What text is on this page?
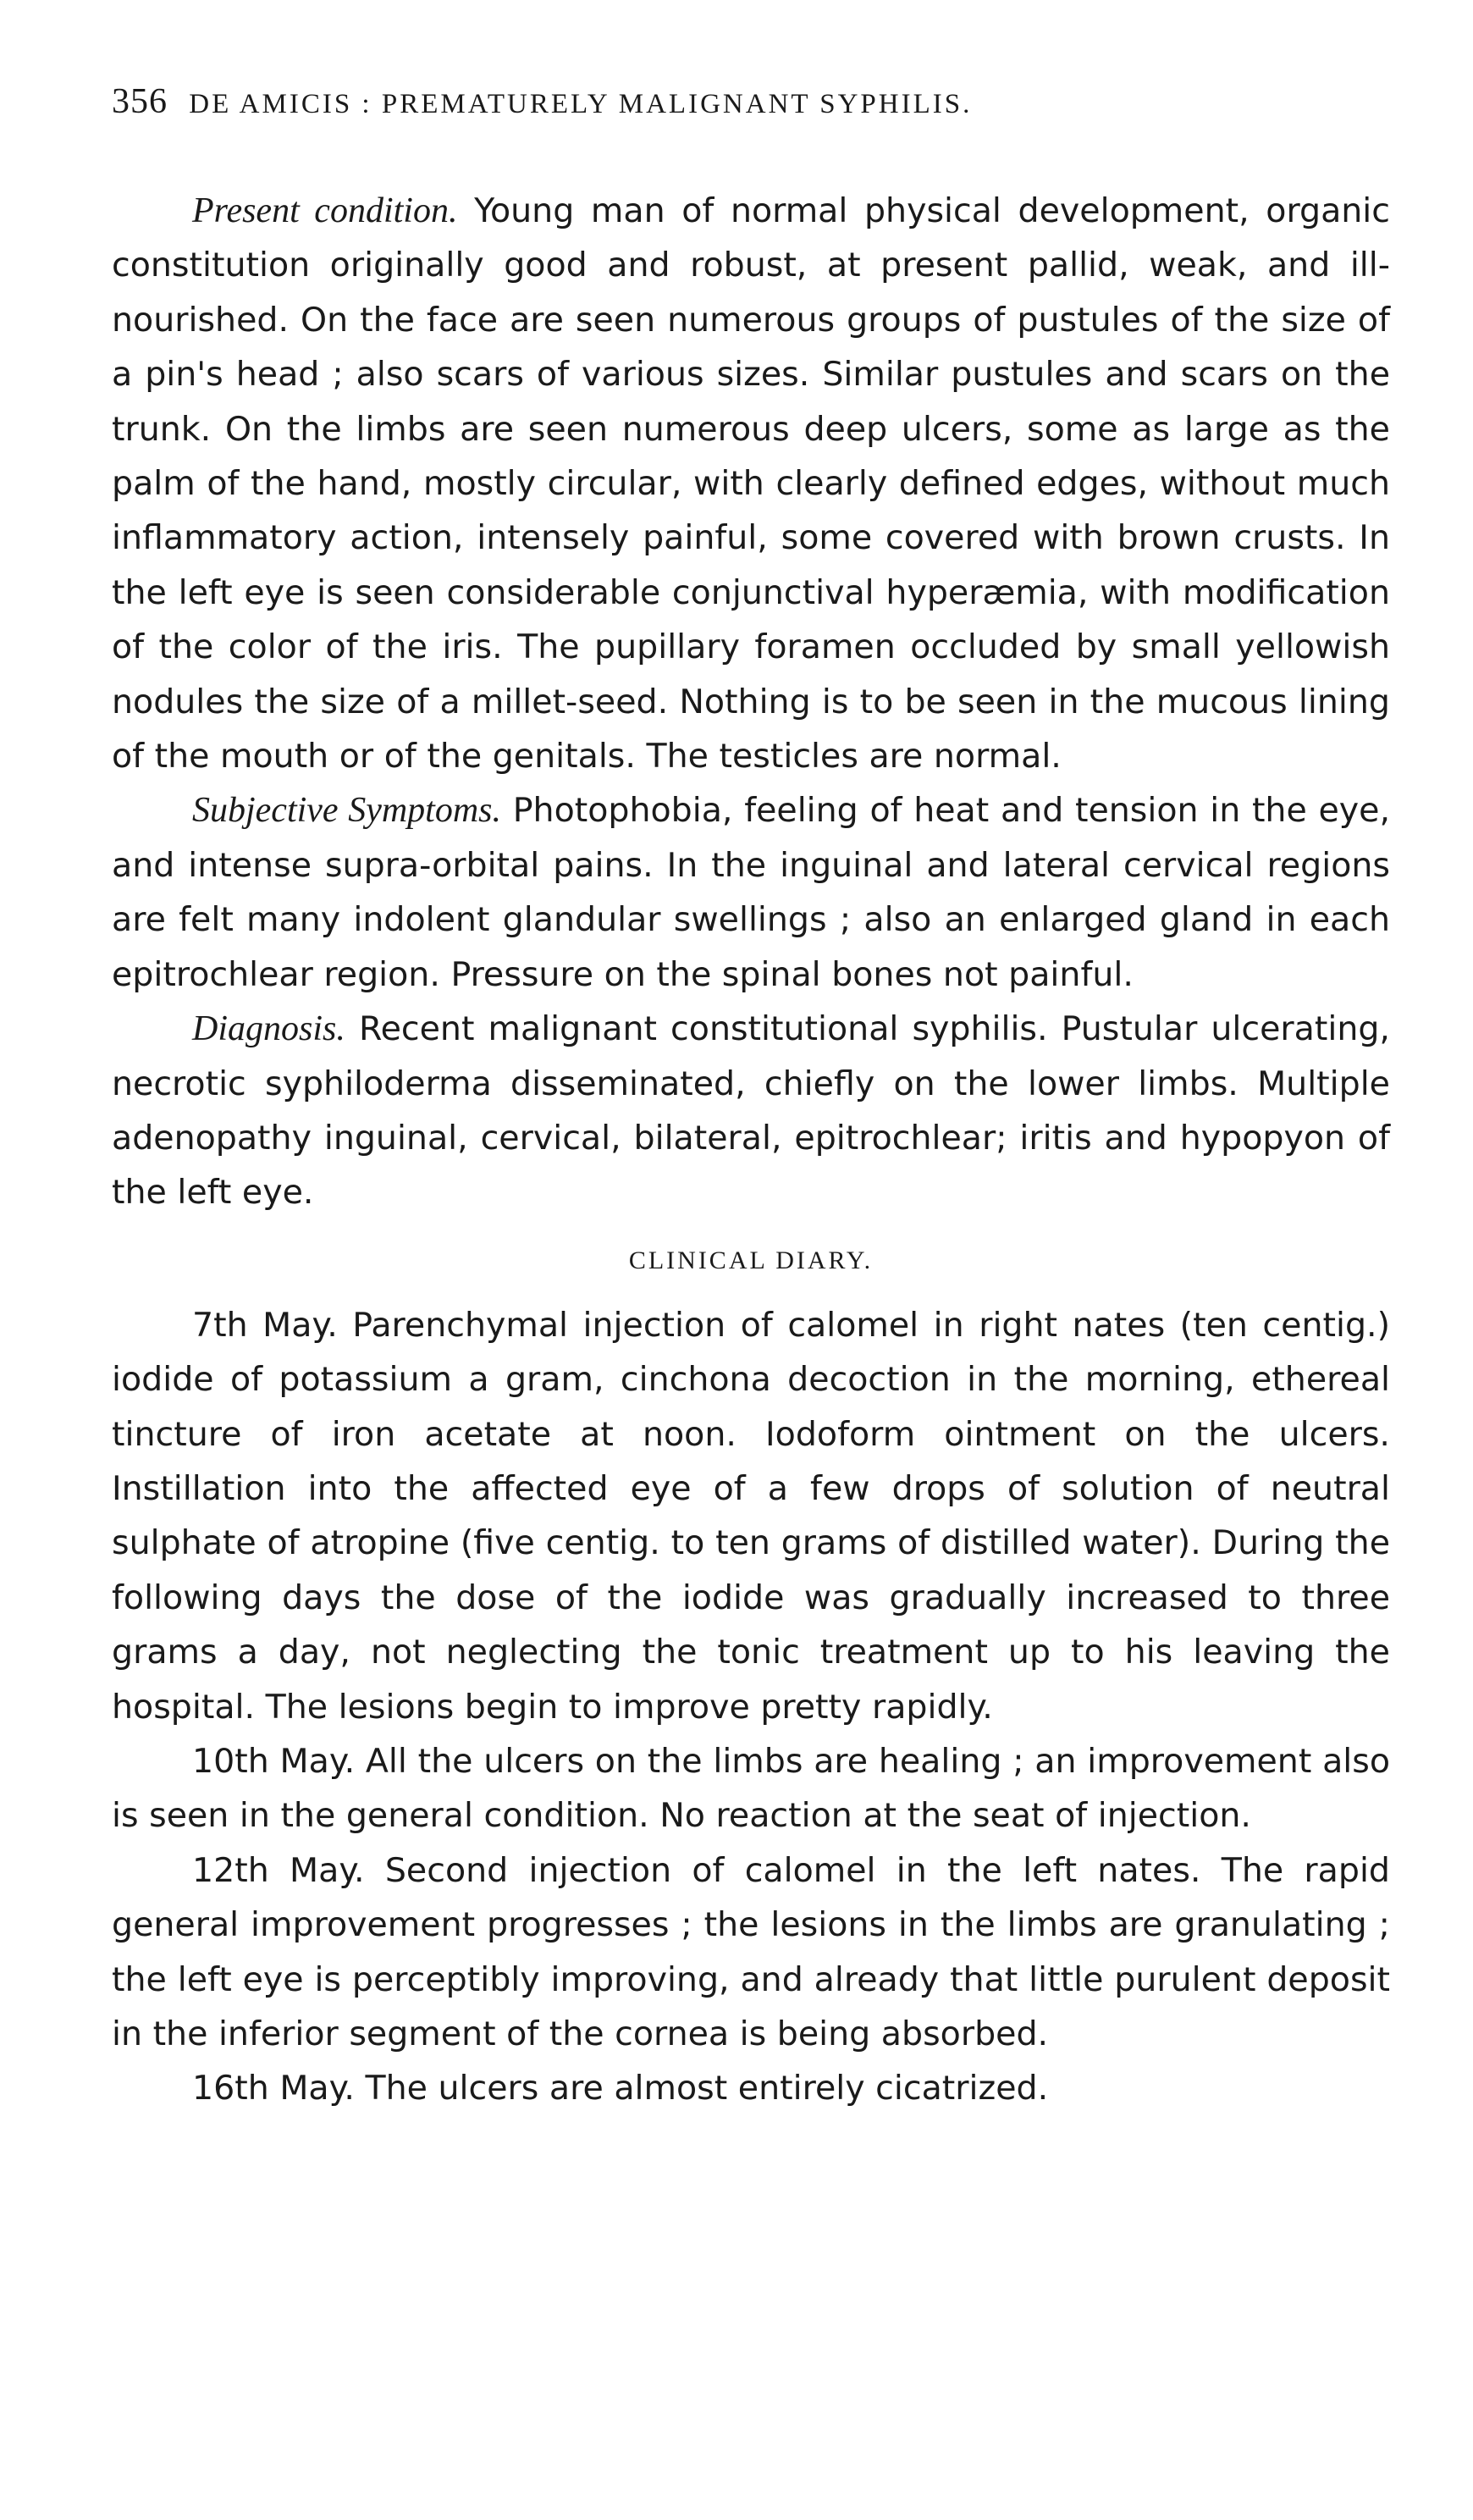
356 DE AMICIS : PREMATURELY MALIGNANT SYPHILIS.

Present condition. Young man of normal physical development, organic constitution originally good and robust, at present pallid, weak, and ill-nourished. On the face are seen numerous groups of pustules of the size of a pin's head ; also scars of various sizes. Similar pustules and scars on the trunk. On the limbs are seen numerous deep ulcers, some as large as the palm of the hand, mostly circular, with clearly defined edges, without much inflammatory action, intensely painful, some covered with brown crusts. In the left eye is seen considerable conjunctival hyperæmia, with modification of the color of the iris. The pupillary foramen occluded by small yellowish nodules the size of a millet-seed. Nothing is to be seen in the mucous lining of the mouth or of the genitals. The testicles are normal.

Subjective Symptoms. Photophobia, feeling of heat and tension in the eye, and intense supra-orbital pains. In the inguinal and lateral cervical regions are felt many indolent glandular swellings ; also an enlarged gland in each epitrochlear region. Pressure on the spinal bones not painful.

Diagnosis. Recent malignant constitutional syphilis. Pustular ulcerating, necrotic syphiloderma disseminated, chiefly on the lower limbs. Multiple adenopathy inguinal, cervical, bilateral, epitrochlear; iritis and hypopyon of the left eye.

CLINICAL DIARY.

7th May. Parenchymal injection of calomel in right nates (ten centig.) iodide of potassium a gram, cinchona decoction in the morning, ethereal tincture of iron acetate at noon. Iodoform ointment on the ulcers. Instillation into the affected eye of a few drops of solution of neutral sulphate of atropine (five centig. to ten grams of distilled water). During the following days the dose of the iodide was gradually increased to three grams a day, not neglecting the tonic treatment up to his leaving the hospital. The lesions begin to improve pretty rapidly.

10th May. All the ulcers on the limbs are healing ; an improvement also is seen in the general condition. No reaction at the seat of injection.

12th May. Second injection of calomel in the left nates. The rapid general improvement progresses ; the lesions in the limbs are granulating ; the left eye is perceptibly improving, and already that little purulent deposit in the inferior segment of the cornea is being absorbed.

16th May. The ulcers are almost entirely cicatrized.
